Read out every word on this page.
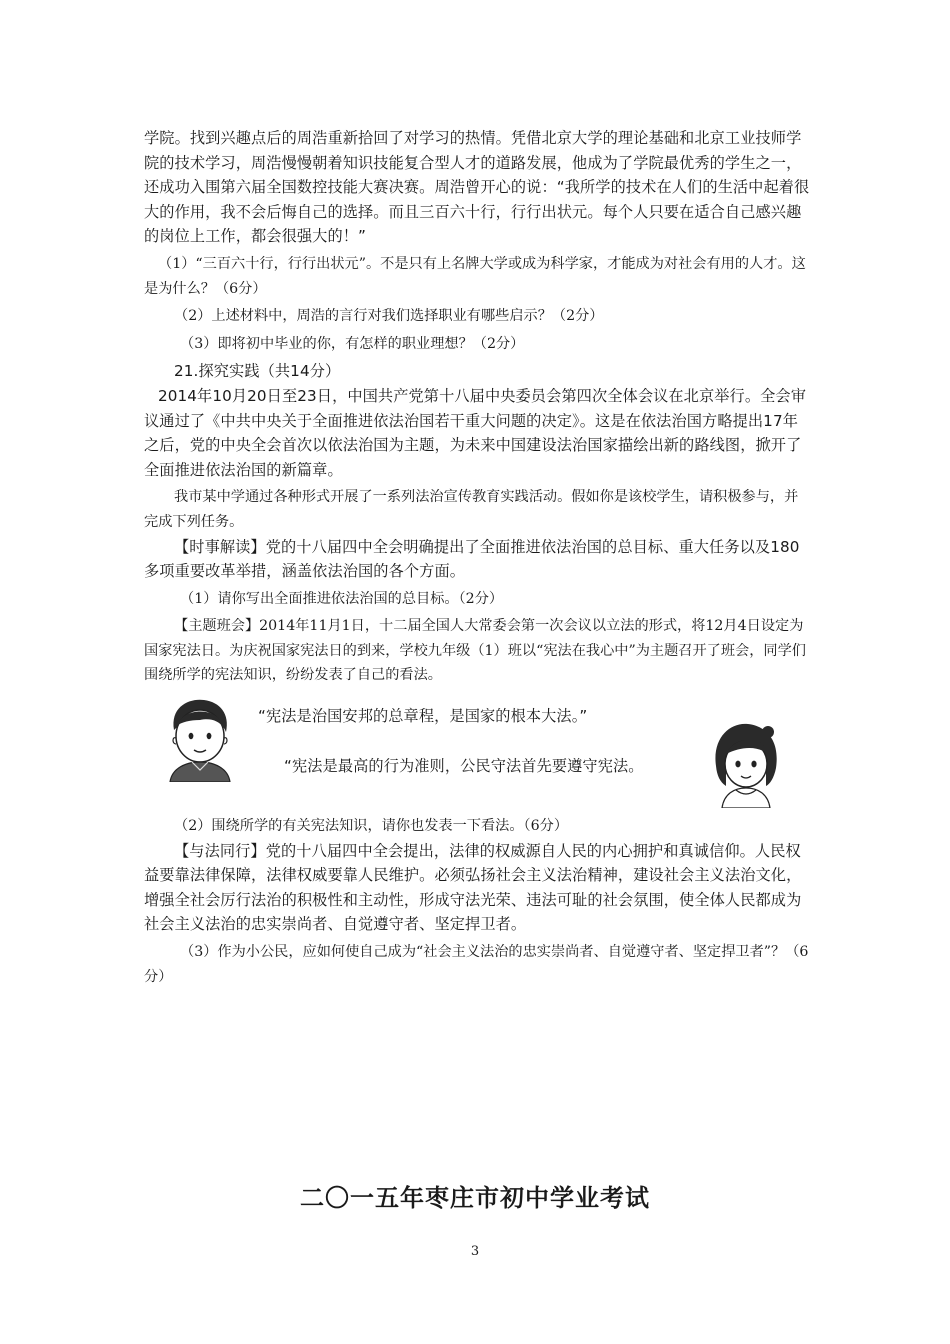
学院。找到兴趣点后的周浩重新拾回了对学习的热情。凭借北京大学的理论基础和北京工业技师学院的技术学习，周浩慢慢朝着知识技能复合型人才的道路发展，他成为了学院最优秀的学生之一，还成功入围第六届全国数控技能大赛决赛。周浩曾开心的说：“我所学的技术在人们的生活中起着很大的作用，我不会后悔自己的选择。而且三百六十行，行行出状元。每个人只要在适合自己感兴趣的岗位上工作，都会很强大的！”

（1）“三百六十行，行行出状元”。不是只有上名牌大学或成为科学家，才能成为对社会有用的人才。这是为什么？（6分）

（2）上述材料中，周浩的言行对我们选择职业有哪些启示？（2分）

（3）即将初中毕业的你，有怎样的职业理想？（2分）

21.探究实践（共14分）

2014年10月20日至23日，中国共产党第十八届中央委员会第四次全体会议在北京举行。全会审议通过了《中共中央关于全面推进依法治国若干重大问题的决定》。这是在依法治国方略提出17年之后，党的中央全会首次以依法治国为主题，为未来中国建设法治国家描绘出新的路线图，掀开了全面推进依法治国的新篇章。

我市某中学通过各种形式开展了一系列法治宣传教育实践活动。假如你是该校学生，请积极参与，并完成下列任务。

【时事解读】党的十八届四中全会明确提出了全面推进依法治国的总目标、重大任务以及180多项重要改革举措，涵盖依法治国的各个方面。

（1）请你写出全面推进依法治国的总目标。（2分）

【主题班会】2014年11月1日，十二届全国人大常委会第一次会议以立法的形式，将12月4日设定为国家宪法日。为庆祝国家宪法日的到来，学校九年级（1）班以“宪法在我心中”为主题召开了班会，同学们围绕所学的宪法知识，纷纷发表了自己的看法。

“宪法是治国安邦的总章程，是国家的根本大法。”
“宪法是最高的行为准则，公民守法首先要遵守宪法。

（2）围绕所学的有关宪法知识，请你也发表一下看法。（6分）

【与法同行】党的十八届四中全会提出，法律的权威源自人民的内心拥护和真诚信仰。人民权益要靠法律保障，法律权威要靠人民维护。必须弘扬社会主义法治精神，建设社会主义法治文化，增强全社会厉行法治的积极性和主动性，形成守法光荣、违法可耻的社会氛围，使全体人民都成为社会主义法治的忠实崇尚者、自觉遵守者、坚定捍卫者。

（3）作为小公民，应如何使自己成为“社会主义法治的忠实崇尚者、自觉遵守者、坚定捍卫者”？（6分）

二〇一五年枣庄市初中学业考试
3
